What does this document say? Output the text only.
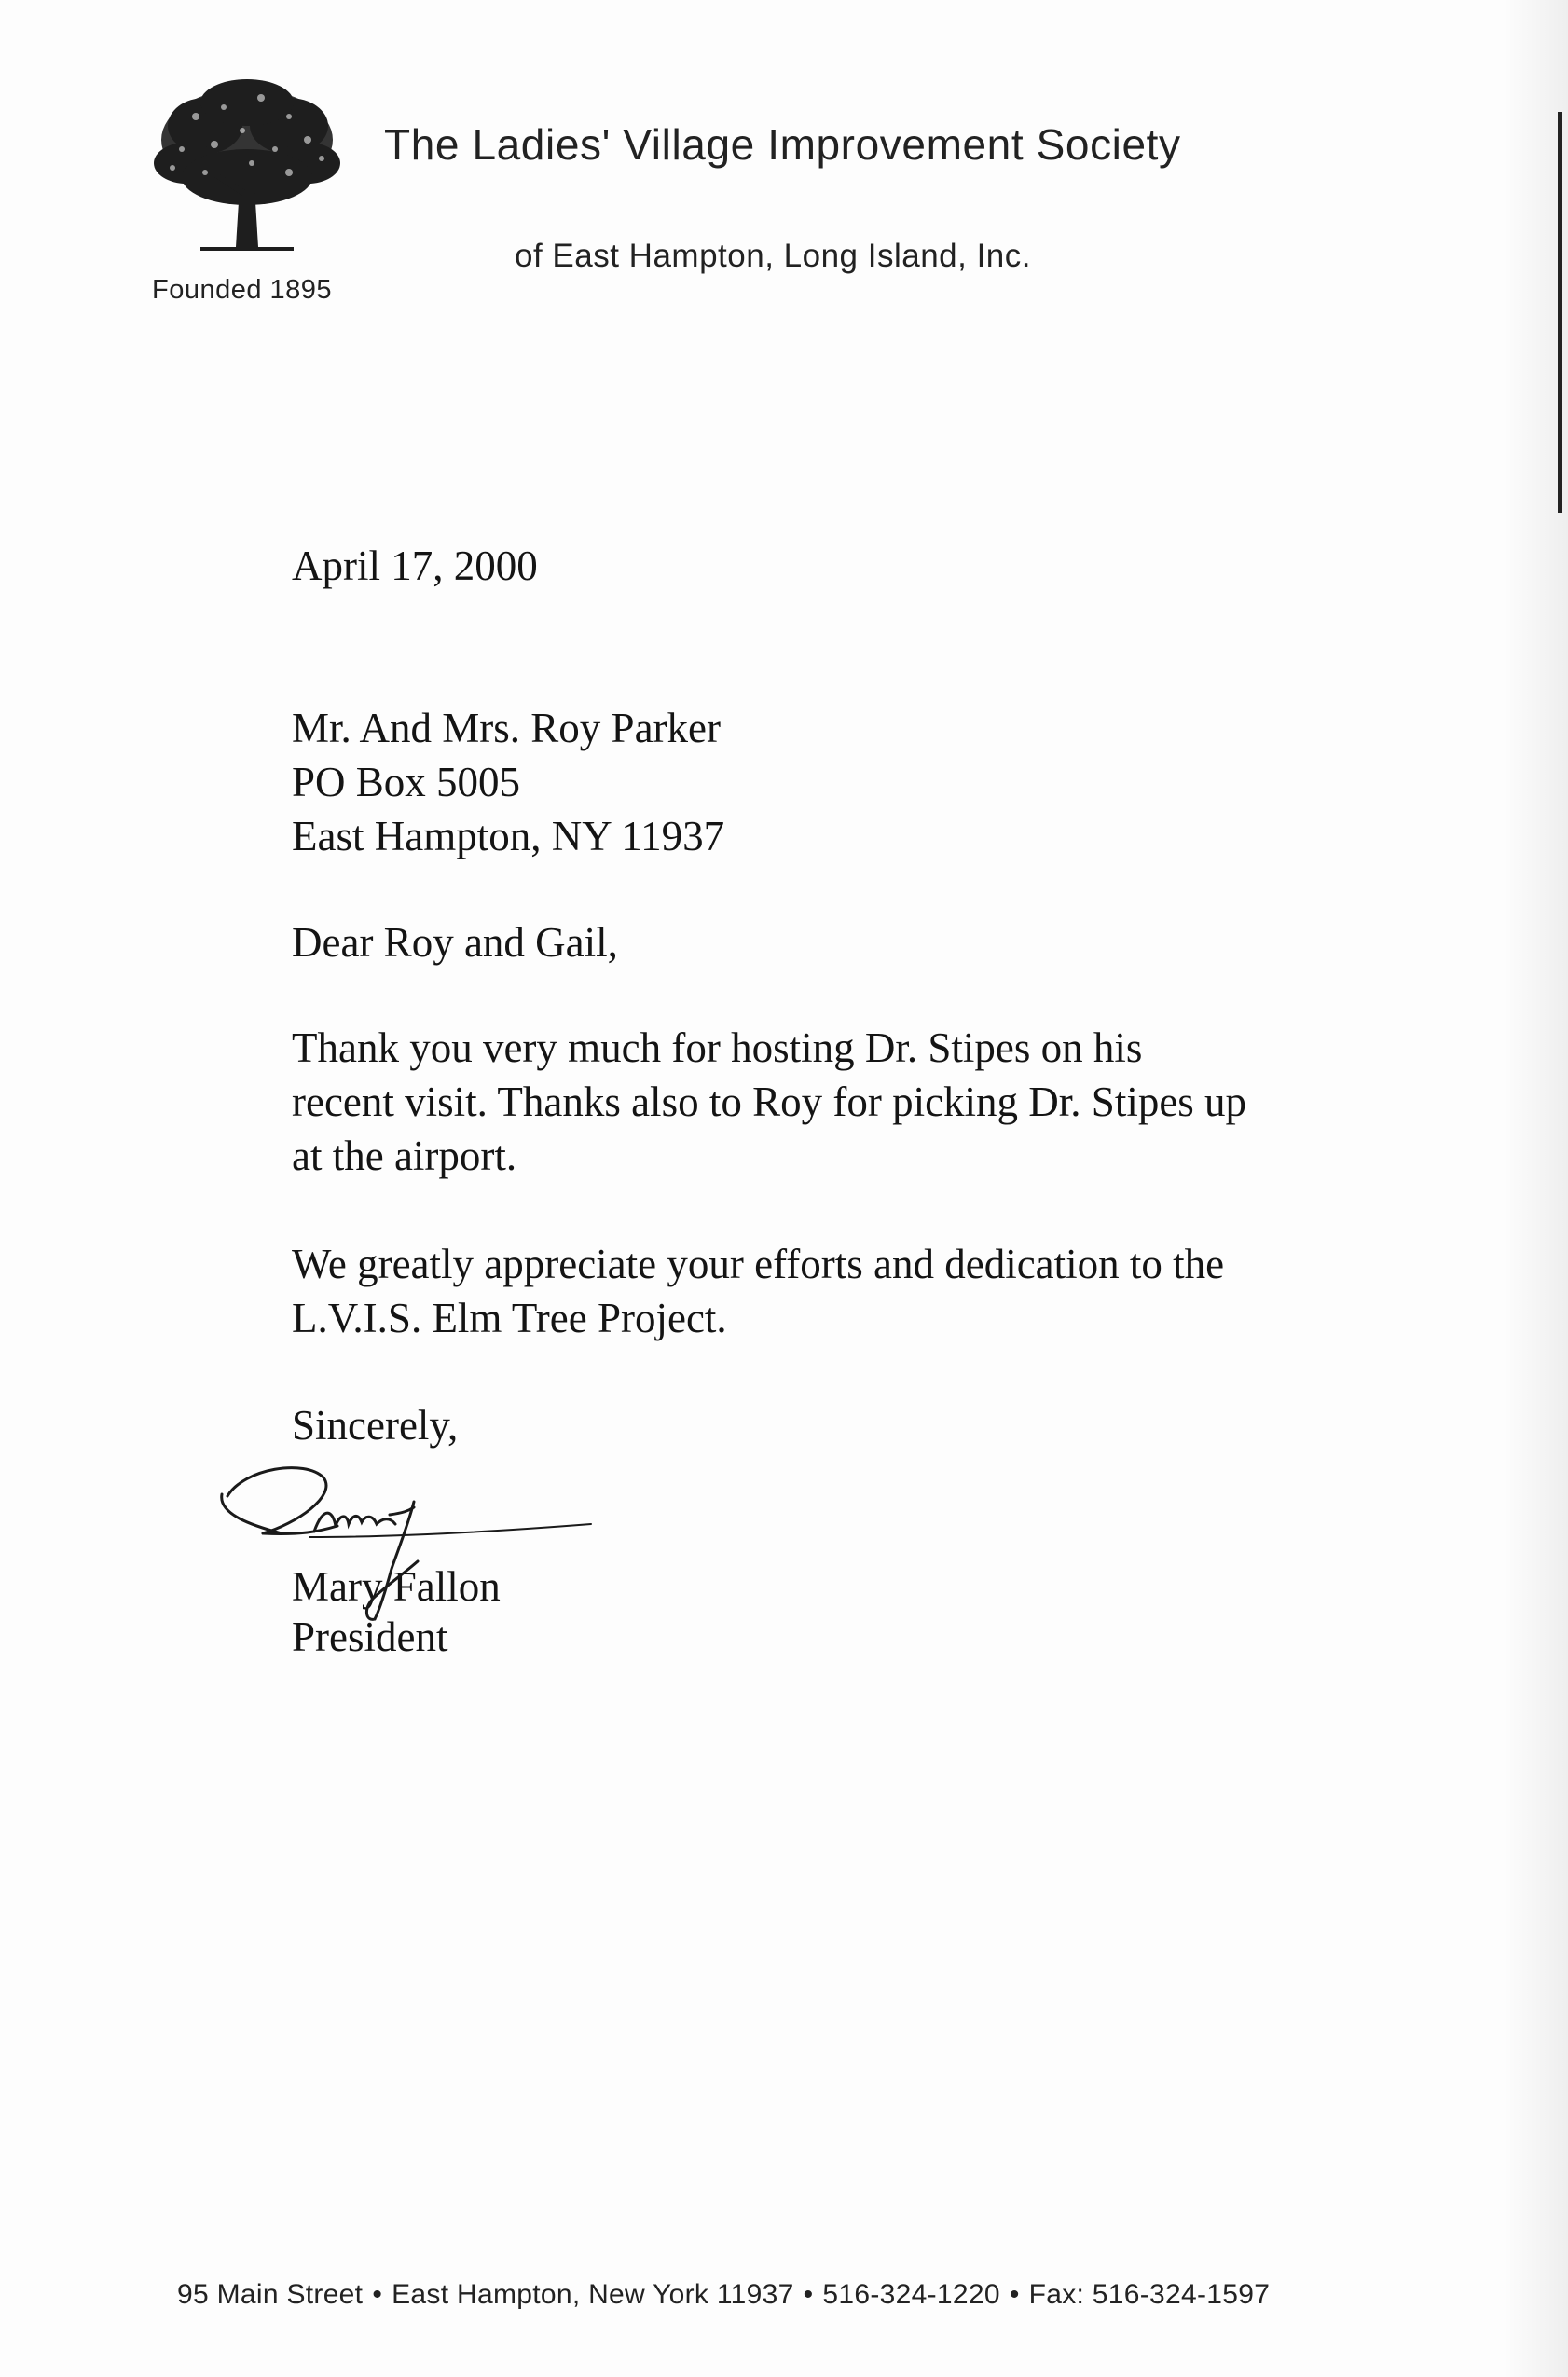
Founded 1895
The Ladies' Village Improvement Society
of East Hampton, Long Island, Inc.
April 17, 2000
Mr. And Mrs. Roy Parker
PO Box 5005
East Hampton, NY 11937
Dear Roy and Gail,
Thank you very much for hosting Dr. Stipes on his
recent visit. Thanks also to Roy for picking Dr. Stipes up
at the airport.
We greatly appreciate your efforts and dedication to the
L.V.I.S. Elm Tree Project.
Sincerely,
Mary Fallon
President
95 Main Street • East Hampton, New York 11937 • 516-324-1220 • Fax: 516-324-1597
